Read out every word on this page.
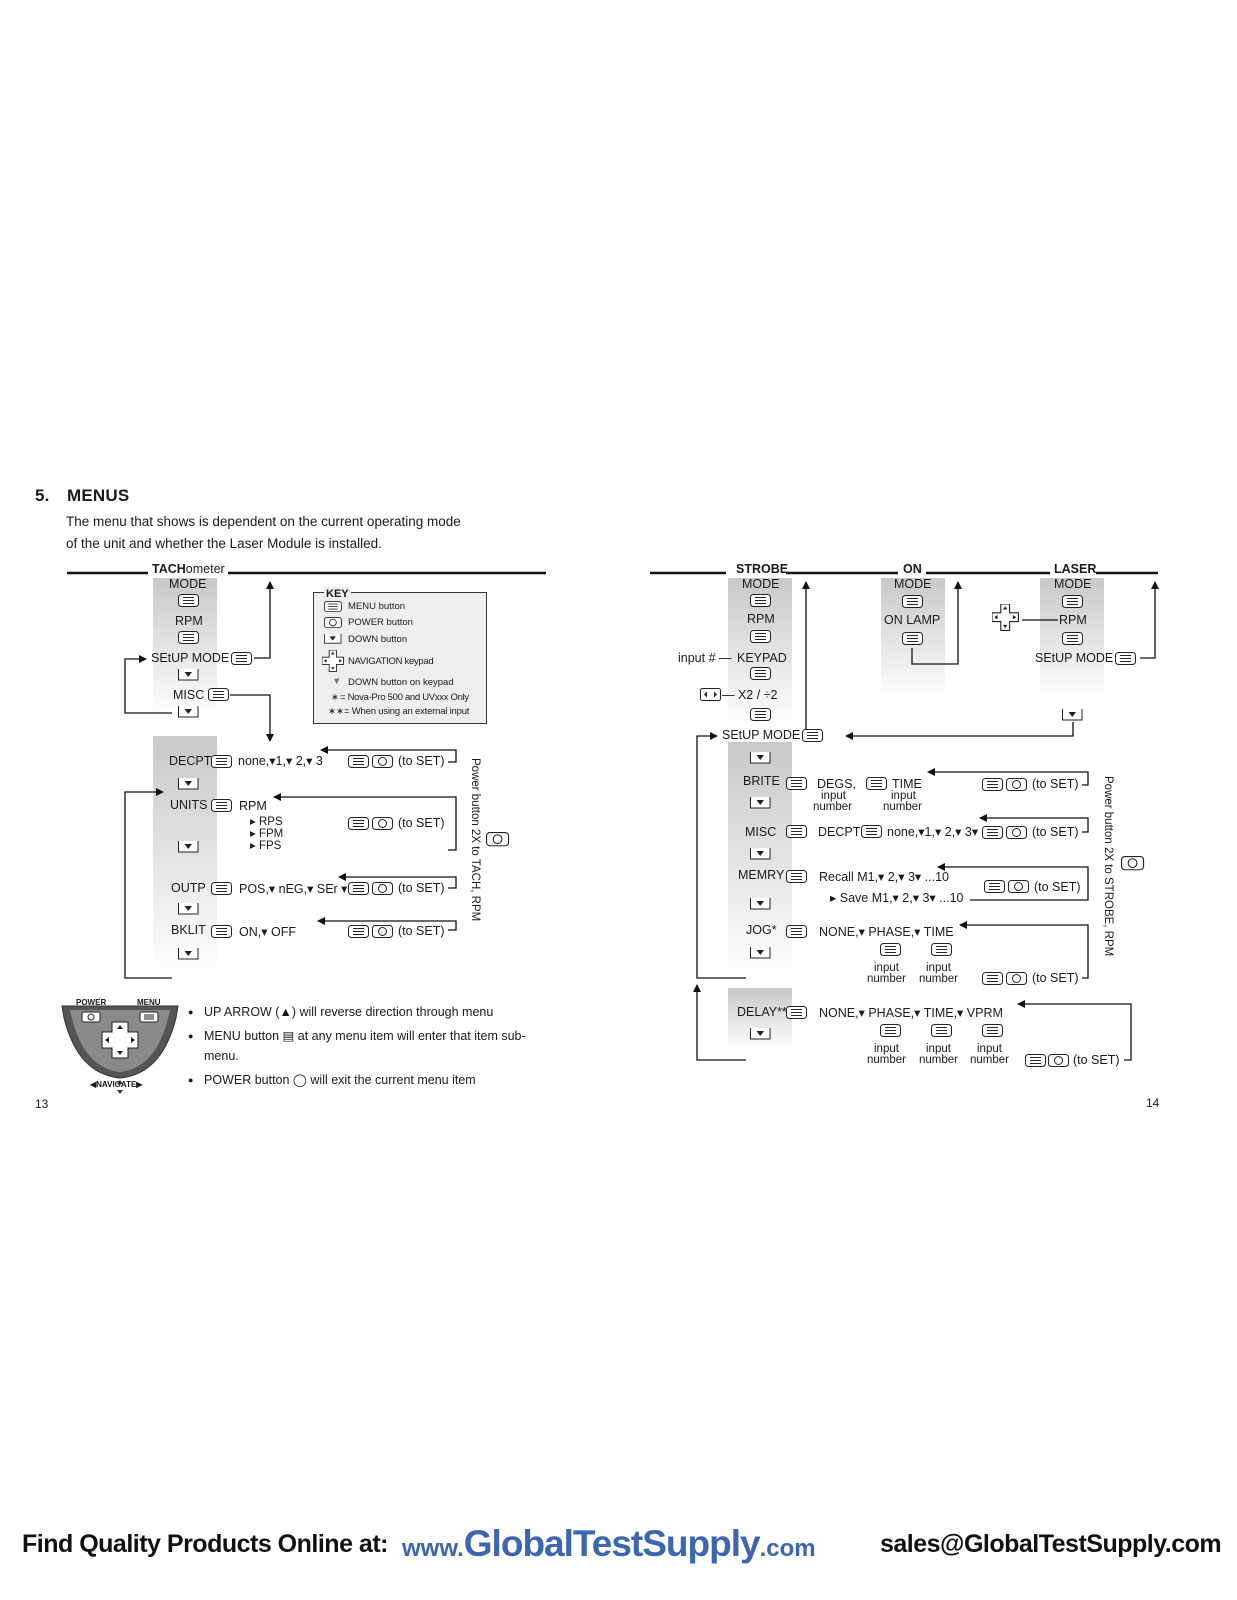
5. MENUS
The menu that shows is dependent on the current operating mode
of the unit and whether the Laser Module is installed.
TACHometer
MODE
RPM
SEtUP MODE
MISC
DECPT none,▾1,▾ 2,▾ 3	(to SET)
UNITS	RPM
▸ RPS
▸ FPM
▸ FPS
(to SET)
OUTP	POS,▾ nEG,▾ SEr ▾	(to SET)
BKLIT	ON,▾ OFF	(to SET)
Power button 2X to TACH, RPM
KEY
MENU button
POWER button
DOWN button
NAVIGATION keypad
▼ DOWN button on keypad
∗ = Nova-Pro 500 and UVxxx Only
∗∗ = When using an external input
POWER	MENU
◀NAVIGATE▶
● UP ARROW (▲) will reverse direction through menu
● MENU button ▤ at any menu item will enter that item sub-menu.
● POWER button ◯ will exit the current menu item
13	14
STROBE
MODE
RPM
input # — KEYPAD
— X2 / ÷2
SEtUP MODE
BRITE	DEGS,
input
number
TIME
input
number
(to SET)
MISC	DECPT none,▾1,▾ 2,▾ 3▾	(to SET)
MEMRY	Recall M1,▾ 2,▾ 3▾ ...10
▸ Save M1,▾ 2,▾ 3▾ ...10
(to SET)
JOG*	NONE,▾ PHASE,▾ TIME
input
number
input
number	(to SET)
DELAY**	NONE,▾ PHASE,▾ TIME,▾ VPRM
input
number
input
number
input
number	(to SET)
ON
MODE
ON LAMP
LASER
MODE
RPM
SEtUP MODE
Power button 2X to STROBE, RPM
Find Quality Products Online at: www.GlobalTestSupply.com	sales@GlobalTestSupply.com
